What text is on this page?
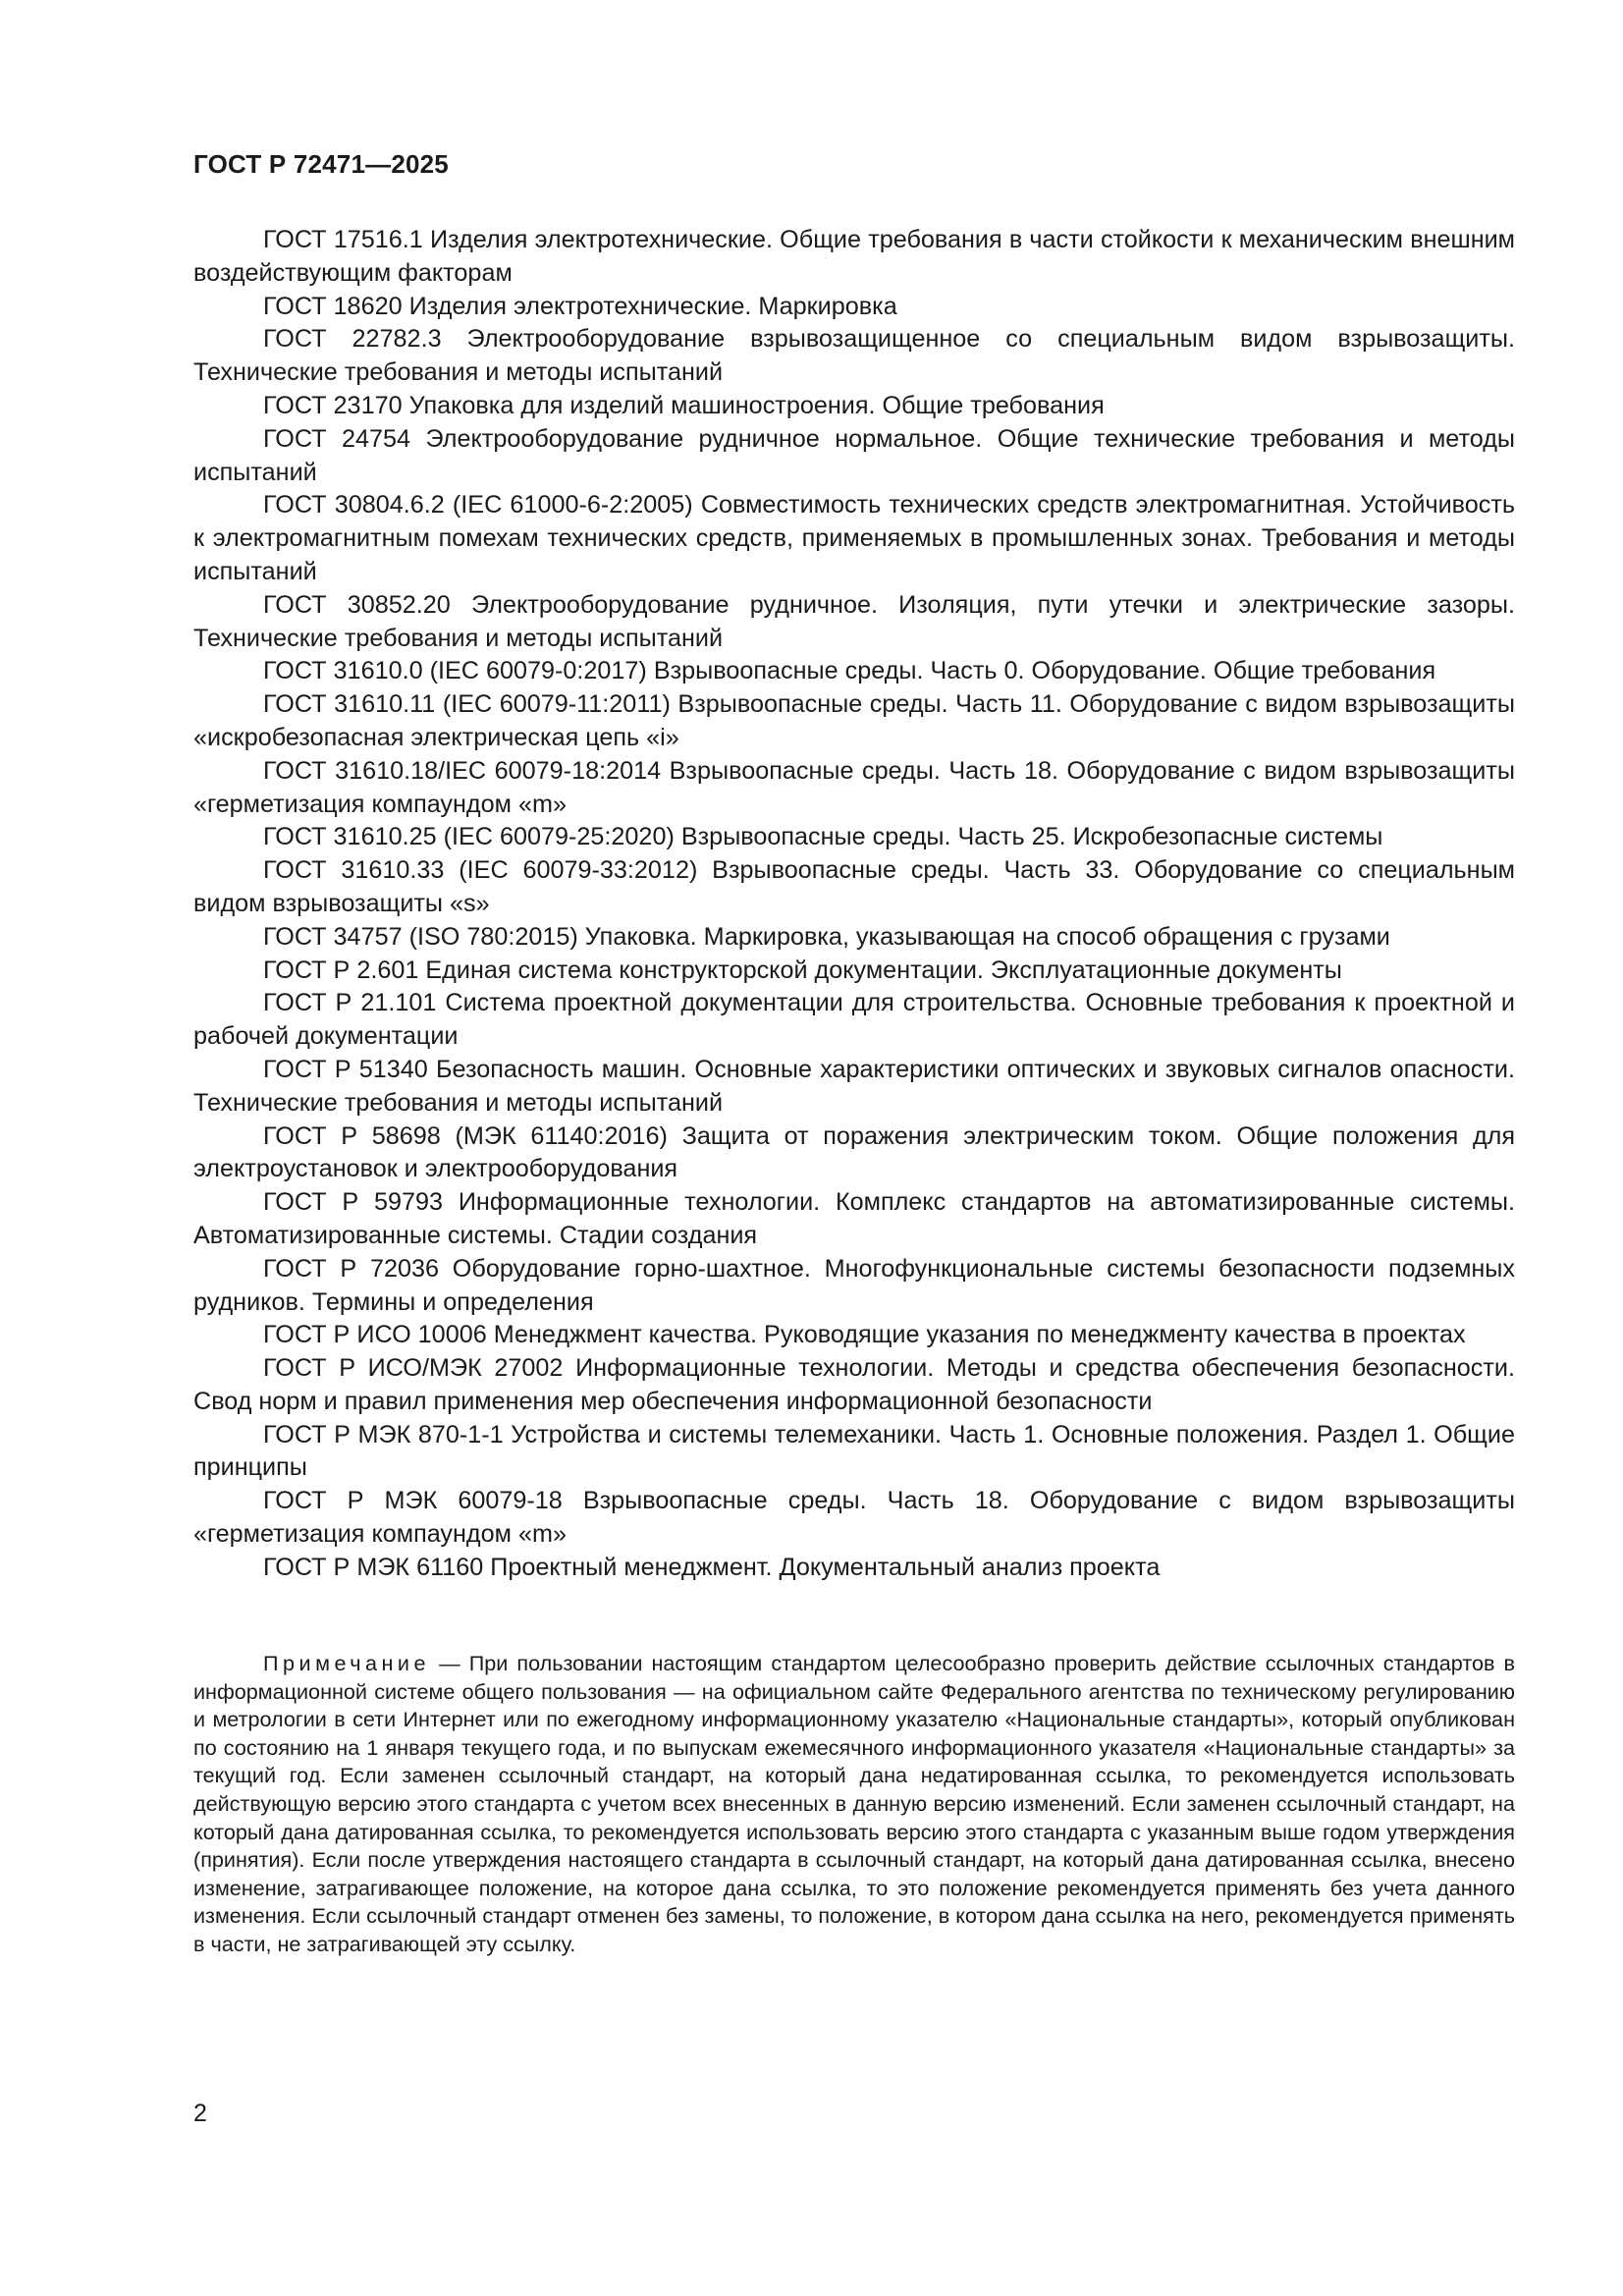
ГОСТ Р 72471—2025
ГОСТ 17516.1 Изделия электротехнические. Общие требования в части стойкости к механическим внешним воздействующим факторам
ГОСТ 18620 Изделия электротехнические. Маркировка
ГОСТ 22782.3 Электрооборудование взрывозащищенное со специальным видом взрывозащиты. Технические требования и методы испытаний
ГОСТ 23170 Упаковка для изделий машиностроения. Общие требования
ГОСТ 24754 Электрооборудование рудничное нормальное. Общие технические требования и методы испытаний
ГОСТ 30804.6.2 (IEC 61000-6-2:2005) Совместимость технических средств электромагнитная. Устойчивость к электромагнитным помехам технических средств, применяемых в промышленных зонах. Требования и методы испытаний
ГОСТ 30852.20 Электрооборудование рудничное. Изоляция, пути утечки и электрические зазоры. Технические требования и методы испытаний
ГОСТ 31610.0 (IEC 60079-0:2017) Взрывоопасные среды. Часть 0. Оборудование. Общие требования
ГОСТ 31610.11 (IEC 60079-11:2011) Взрывоопасные среды. Часть 11. Оборудование с видом взрывозащиты «искробезопасная электрическая цепь «i»
ГОСТ 31610.18/IEC 60079-18:2014 Взрывоопасные среды. Часть 18. Оборудование с видом взрывозащиты «герметизация компаундом «m»
ГОСТ 31610.25 (IEC 60079-25:2020) Взрывоопасные среды. Часть 25. Искробезопасные системы
ГОСТ 31610.33 (IEC 60079-33:2012) Взрывоопасные среды. Часть 33. Оборудование со специальным видом взрывозащиты «s»
ГОСТ 34757 (ISO 780:2015) Упаковка. Маркировка, указывающая на способ обращения с грузами
ГОСТ Р 2.601 Единая система конструкторской документации. Эксплуатационные документы
ГОСТ Р 21.101 Система проектной документации для строительства. Основные требования к проектной и рабочей документации
ГОСТ Р 51340 Безопасность машин. Основные характеристики оптических и звуковых сигналов опасности. Технические требования и методы испытаний
ГОСТ Р 58698 (МЭК 61140:2016) Защита от поражения электрическим током. Общие положения для электроустановок и электрооборудования
ГОСТ Р 59793 Информационные технологии. Комплекс стандартов на автоматизированные системы. Автоматизированные системы. Стадии создания
ГОСТ Р 72036 Оборудование горно-шахтное. Многофункциональные системы безопасности подземных рудников. Термины и определения
ГОСТ Р ИСО 10006 Менеджмент качества. Руководящие указания по менеджменту качества в проектах
ГОСТ Р ИСО/МЭК 27002 Информационные технологии. Методы и средства обеспечения безопасности. Свод норм и правил применения мер обеспечения информационной безопасности
ГОСТ Р МЭК 870-1-1 Устройства и системы телемеханики. Часть 1. Основные положения. Раздел 1. Общие принципы
ГОСТ Р МЭК 60079-18 Взрывоопасные среды. Часть 18. Оборудование с видом взрывозащиты «герметизация компаундом «m»
ГОСТ Р МЭК 61160 Проектный менеджмент. Документальный анализ проекта

Примечание — При пользовании настоящим стандартом целесообразно проверить действие ссылочных стандартов в информационной системе общего пользования — на официальном сайте Федерального агентства по техническому регулированию и метрологии в сети Интернет или по ежегодному информационному указателю «Национальные стандарты», который опубликован по состоянию на 1 января текущего года, и по выпускам ежемесячного информационного указателя «Национальные стандарты» за текущий год. Если заменен ссылочный стандарт, на который дана недатированная ссылка, то рекомендуется использовать действующую версию этого стандарта с учетом всех внесенных в данную версию изменений. Если заменен ссылочный стандарт, на который дана датированная ссылка, то рекомендуется использовать версию этого стандарта с указанным выше годом утверждения (принятия). Если после утверждения настоящего стандарта в ссылочный стандарт, на который дана датированная ссылка, внесено изменение, затрагивающее положение, на которое дана ссылка, то это положение рекомендуется применять без учета данного изменения. Если ссылочный стандарт отменен без замены, то положение, в котором дана ссылка на него, рекомендуется применять в части, не затрагивающей эту ссылку.

2
